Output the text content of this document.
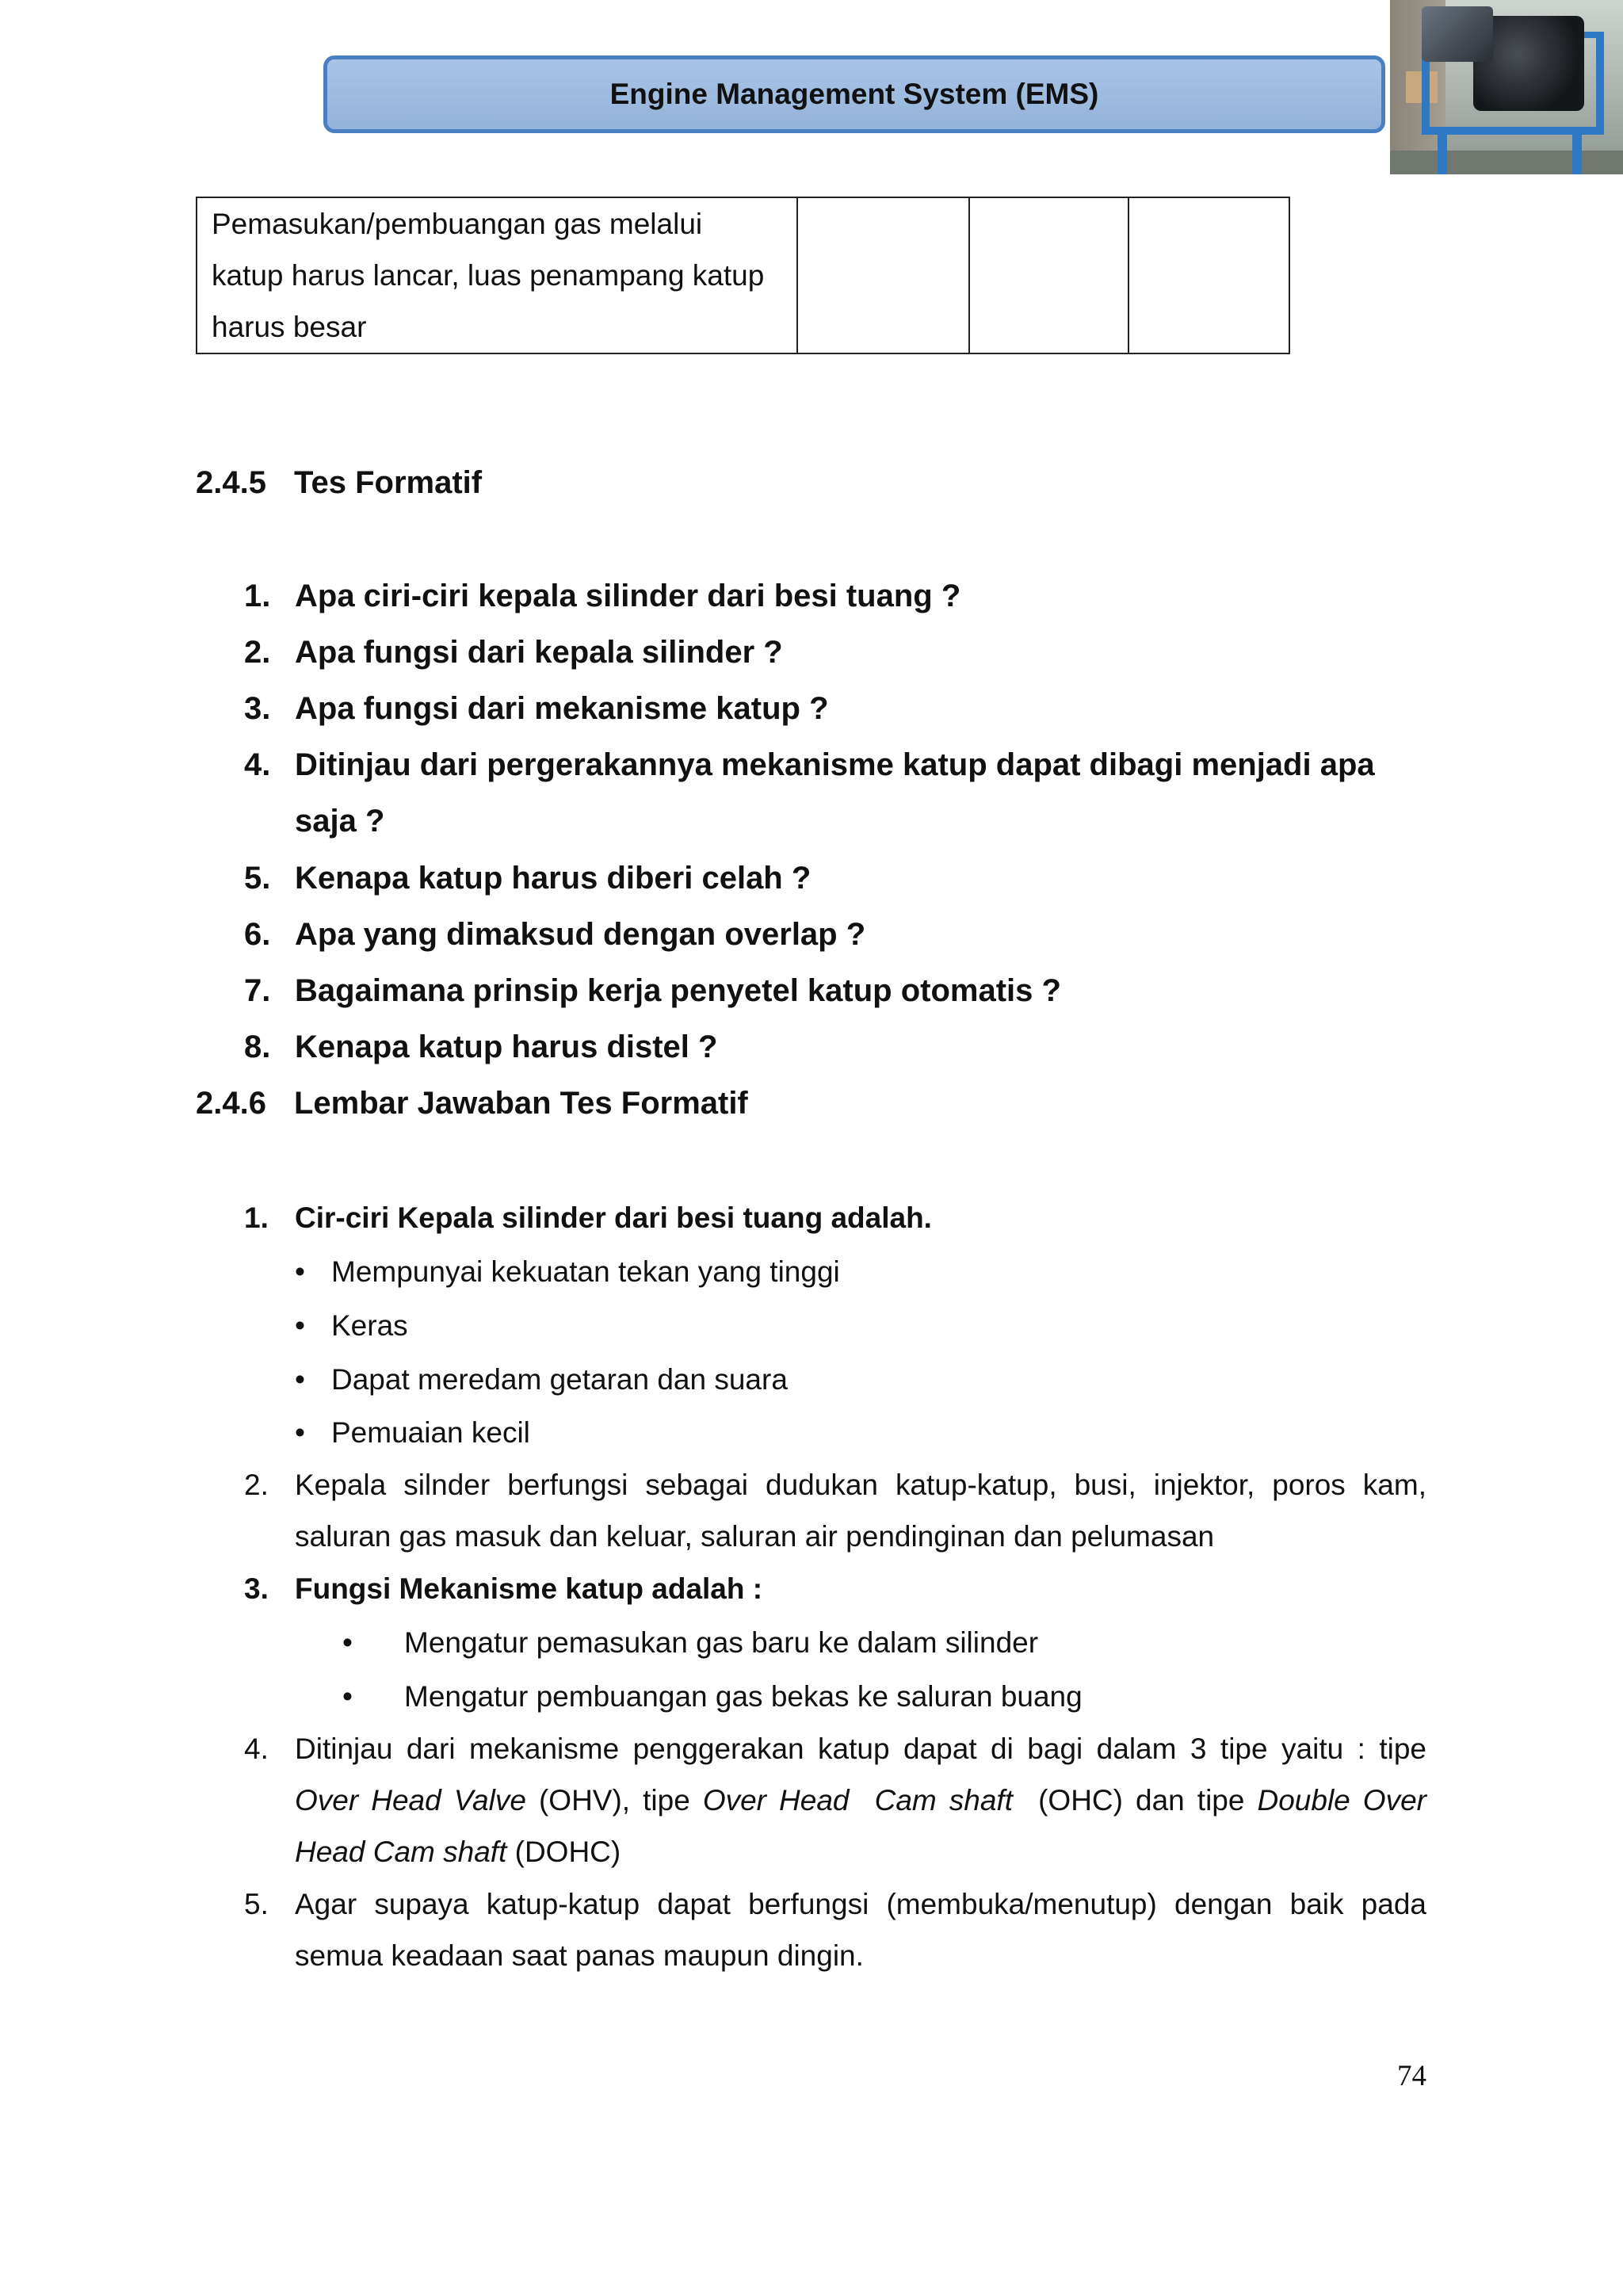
Engine Management System (EMS)
Pemasukan/pembuangan gas melalui
katup harus lancar, luas penampang katup
harus besar

2.4.5 Tes Formatif
1. Apa ciri-ciri kepala silinder dari besi tuang ?
2. Apa fungsi dari kepala silinder ?
3. Apa fungsi dari mekanisme katup ?
4. Ditinjau dari pergerakannya mekanisme katup dapat dibagi menjadi apa
saja ?
5. Kenapa katup harus diberi celah ?
6. Apa yang dimaksud dengan overlap ?
7. Bagaimana prinsip kerja penyetel katup otomatis ?
8. Kenapa katup harus distel ?
2.4.6 Lembar Jawaban Tes Formatif
1. Cir-ciri Kepala silinder dari besi tuang adalah.
• Mempunyai kekuatan tekan yang tinggi
• Keras
• Dapat meredam getaran dan suara
• Pemuaian kecil
2. Kepala silnder berfungsi sebagai dudukan katup-katup, busi, injektor, poros kam,
saluran gas masuk dan keluar, saluran air pendinginan dan pelumasan
3. Fungsi Mekanisme katup adalah :
• Mengatur pemasukan gas baru ke dalam silinder
• Mengatur pembuangan gas bekas ke saluran buang
4. Ditinjau dari mekanisme penggerakan katup dapat di bagi dalam 3 tipe yaitu : tipe
Over Head Valve (OHV), tipe Over Head  Cam shaft  (OHC) dan tipe Double Over
Head Cam shaft (DOHC)
5. Agar supaya katup-katup dapat berfungsi (membuka/menutup) dengan baik pada
semua keadaan saat panas maupun dingin.
74
